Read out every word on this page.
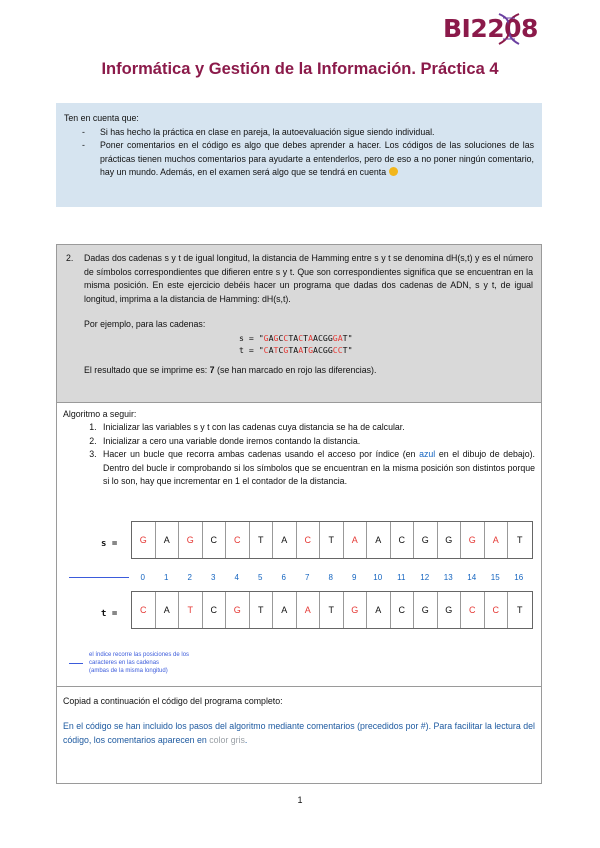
BI2208
Informática y Gestión de la Información. Práctica 4
Ten en cuenta que:
- Si has hecho la práctica en clase en pareja, la autoevaluación sigue siendo individual.
- Poner comentarios en el código es algo que debes aprender a hacer. Los códigos de las soluciones de las prácticas tienen muchos comentarios para ayudarte a entenderlos, pero de eso a no poner ningún comentario, hay un mundo. Además, en el examen será algo que se tendrá en cuenta
2. Dadas dos cadenas s y t de igual longitud, la distancia de Hamming entre s y t se denomina dH(s,t) y es el número de símbolos correspondientes que difieren entre s y t. Que son correspondientes significa que se encuentran en la misma posición. En este ejercicio debéis hacer un programa que dadas dos cadenas de ADN, s y t, de igual longitud, imprima a la distancia de Hamming: dH(s,t).
Por ejemplo, para las cadenas:
s = "GAGCCTACTAACGGGAT"
t = "CATCGTAATGACGGCCT"
El resultado que se imprime es: 7 (se han marcado en rojo las diferencias).
Algoritmo a seguir:
1. Inicializar las variables s y t con las cadenas cuya distancia se ha de calcular.
2. Inicializar a cero una variable donde iremos contando la distancia.
3. Hacer un bucle que recorra ambas cadenas usando el acceso por índice (en azul en el dibujo de debajo). Dentro del bucle ir comprobando si los símbolos que se encuentran en la misma posición son distintos porque si lo son, hay que incrementar en 1 el contador de la distancia.
s =	G	A	G	C	C	T	A	C	T	A	A	C	G	G	G	A	T
0	1	2	3	4	5	6	7	8	9	10	11	12	13	14	15	16
t =	C	A	T	C	G	T	A	A	T	G	A	C	G	G	C	C	T
el índice recorre las posiciones de los
caracteres en las cadenas
(ambas de la misma longitud)
Copiad a continuación el código del programa completo:
En el código se han incluido los pasos del algoritmo mediante comentarios (precedidos por #). Para facilitar la lectura del código, los comentarios aparecen en color gris.
1
